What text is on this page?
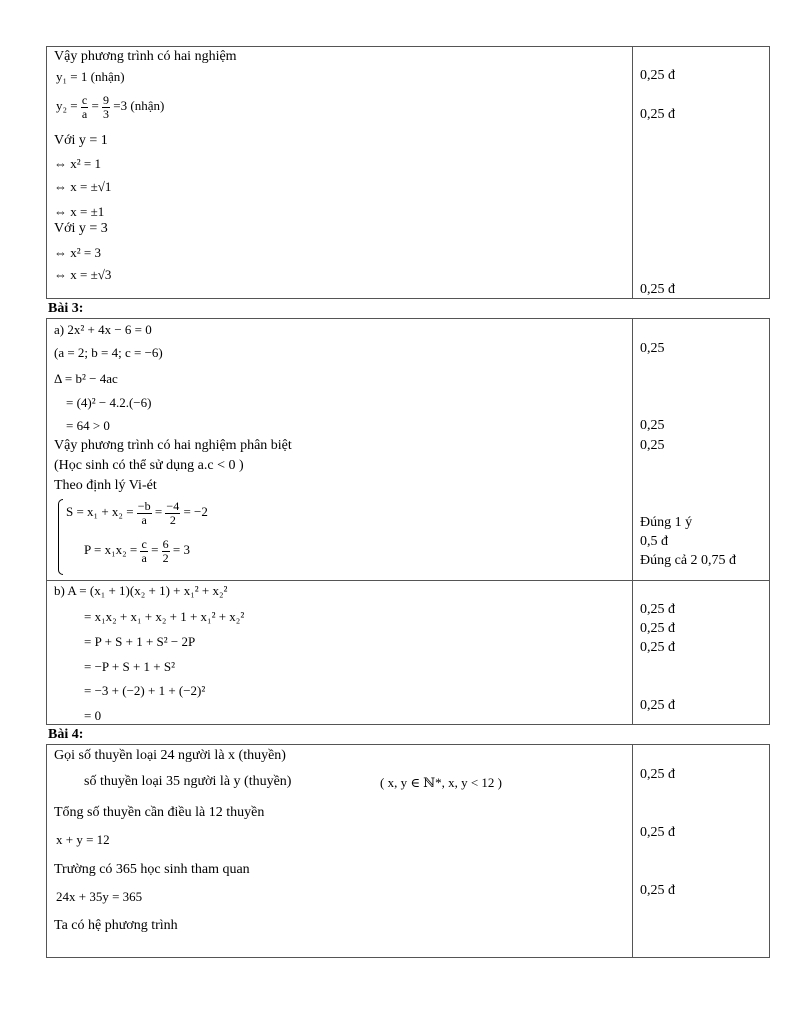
Vậy phương trình có hai nghiệm
y₁ = 1 (nhận)
$y_2 = \frac{c}{a} = \frac{9}{3} =3$ (nhận)
Với y = 1
⇔ x² = 1
⇔ x = ±√1
⇔ x = ±1
Với y = 3
⇔ x² = 3
⇔ x = ±√3
0,25 đ
0,25 đ
0,25 đ
Bài 3:
a) 2x² + 4x − 6 = 0
(a = 2; b = 4; c = −6)
Δ = b² − 4ac
= (4)² − 4.2.(−6)
= 64 > 0
Vậy phương trình có hai nghiệm phân biệt
(Học sinh có thể sử dụng a.c < 0 )
Theo định lý Vi-ét
$S = x_1 + x_2 = \frac{-b}{a} = \frac{-4}{2} = -2$
$P = x_1x_2 = \frac{c}{a} = \frac{6}{2} = 3$
0,25
0,25
0,25
Đúng 1 ý
0,5 đ
Đúng cả 2 0,75 đ
b) A = (x₁ + 1)(x₂ + 1) + x₁² + x₂²
= x₁x₂ + x₁ + x₂ + 1 + x₁² + x₂²
= P + S + 1 + S² − 2P
= −P + S + 1 + S²
= −3 + (−2) + 1 + (−2)²
= 0
0,25 đ
0,25 đ
0,25 đ
0,25 đ
Bài 4:
Gọi số thuyền loại 24 người là x (thuyền)
số thuyền loại 35 người là y (thuyền)	( x, y ∈ ℕ*, x, y < 12 )
Tổng số thuyền cần điều là 12 thuyền
x + y = 12
Trường có 365 học sinh tham quan
24x + 35y = 365
Ta có hệ phương trình
0,25 đ
0,25 đ
0,25 đ
